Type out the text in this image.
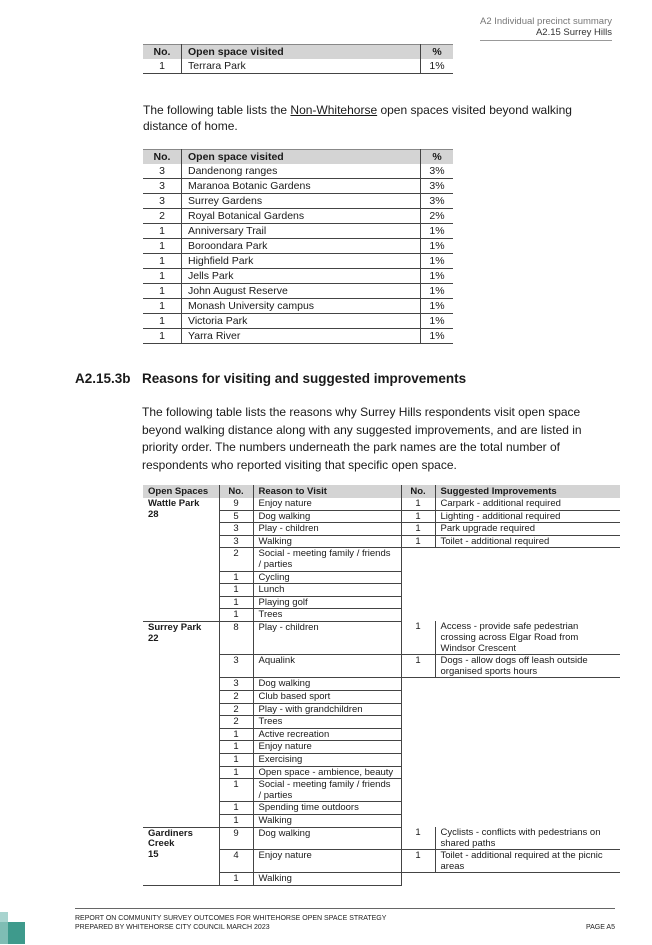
A2 Individual precinct summary
A2.15 Surrey Hills
No.	Open space visited	%
1	Terrara Park	1%

The following table lists the Non-Whitehorse open spaces visited beyond walking distance of home.

No.	Open space visited	%
3	Dandenong ranges	3%
3	Maranoa Botanic Gardens	3%
3	Surrey Gardens	3%
2	Royal Botanical Gardens	2%
1	Anniversary Trail	1%
1	Boroondara Park	1%
1	Highfield Park	1%
1	Jells Park	1%
1	John August Reserve	1%
1	Monash University campus	1%
1	Victoria Park	1%
1	Yarra River	1%
A2.15.3b Reasons for visiting and suggested improvements

The following table lists the reasons why Surrey Hills respondents visit open space beyond walking distance along with any suggested improvements, and are listed in priority order. The numbers underneath the park names are the total number of respondents who reported visiting that specific open space.

Open Spaces	No.	Reason to Visit	No.	Suggested Improvements
Wattle Park
28	9	Enjoy nature	1	Carpark - additional required
	5	Dog walking	1	Lighting - additional required
	3	Play - children	1	Park upgrade required
	3	Walking	1	Toilet - additional required
	2	Social - meeting family / friends / parties		
	1	Cycling		
	1	Lunch		
	1	Playing golf		
	1	Trees		
Surrey Park
22	8	Play - children	1	Access - provide safe pedestrian crossing across Elgar Road from Windsor Crescent
	3	Aqualink	1	Dogs - allow dogs off leash outside organised sports hours
	3	Dog walking		
	2	Club based sport		
	2	Play - with grandchildren		
	2	Trees		
	1	Active recreation		
	1	Enjoy nature		
	1	Exercising		
	1	Open space - ambience, beauty		
	1	Social - meeting family / friends / parties		
	1	Spending time outdoors		
	1	Walking		
Gardiners
Creek
15	9	Dog walking	1	Cyclists - conflicts with pedestrians on shared paths
	4	Enjoy nature	1	Toilet - additional required at the picnic areas
	1	Walking		
REPORT ON COMMUNITY SURVEY OUTCOMES FOR WHITEHORSE OPEN SPACE STRATEGY
PREPARED BY WHITEHORSE CITY COUNCIL MARCH 2023	PAGE A5
